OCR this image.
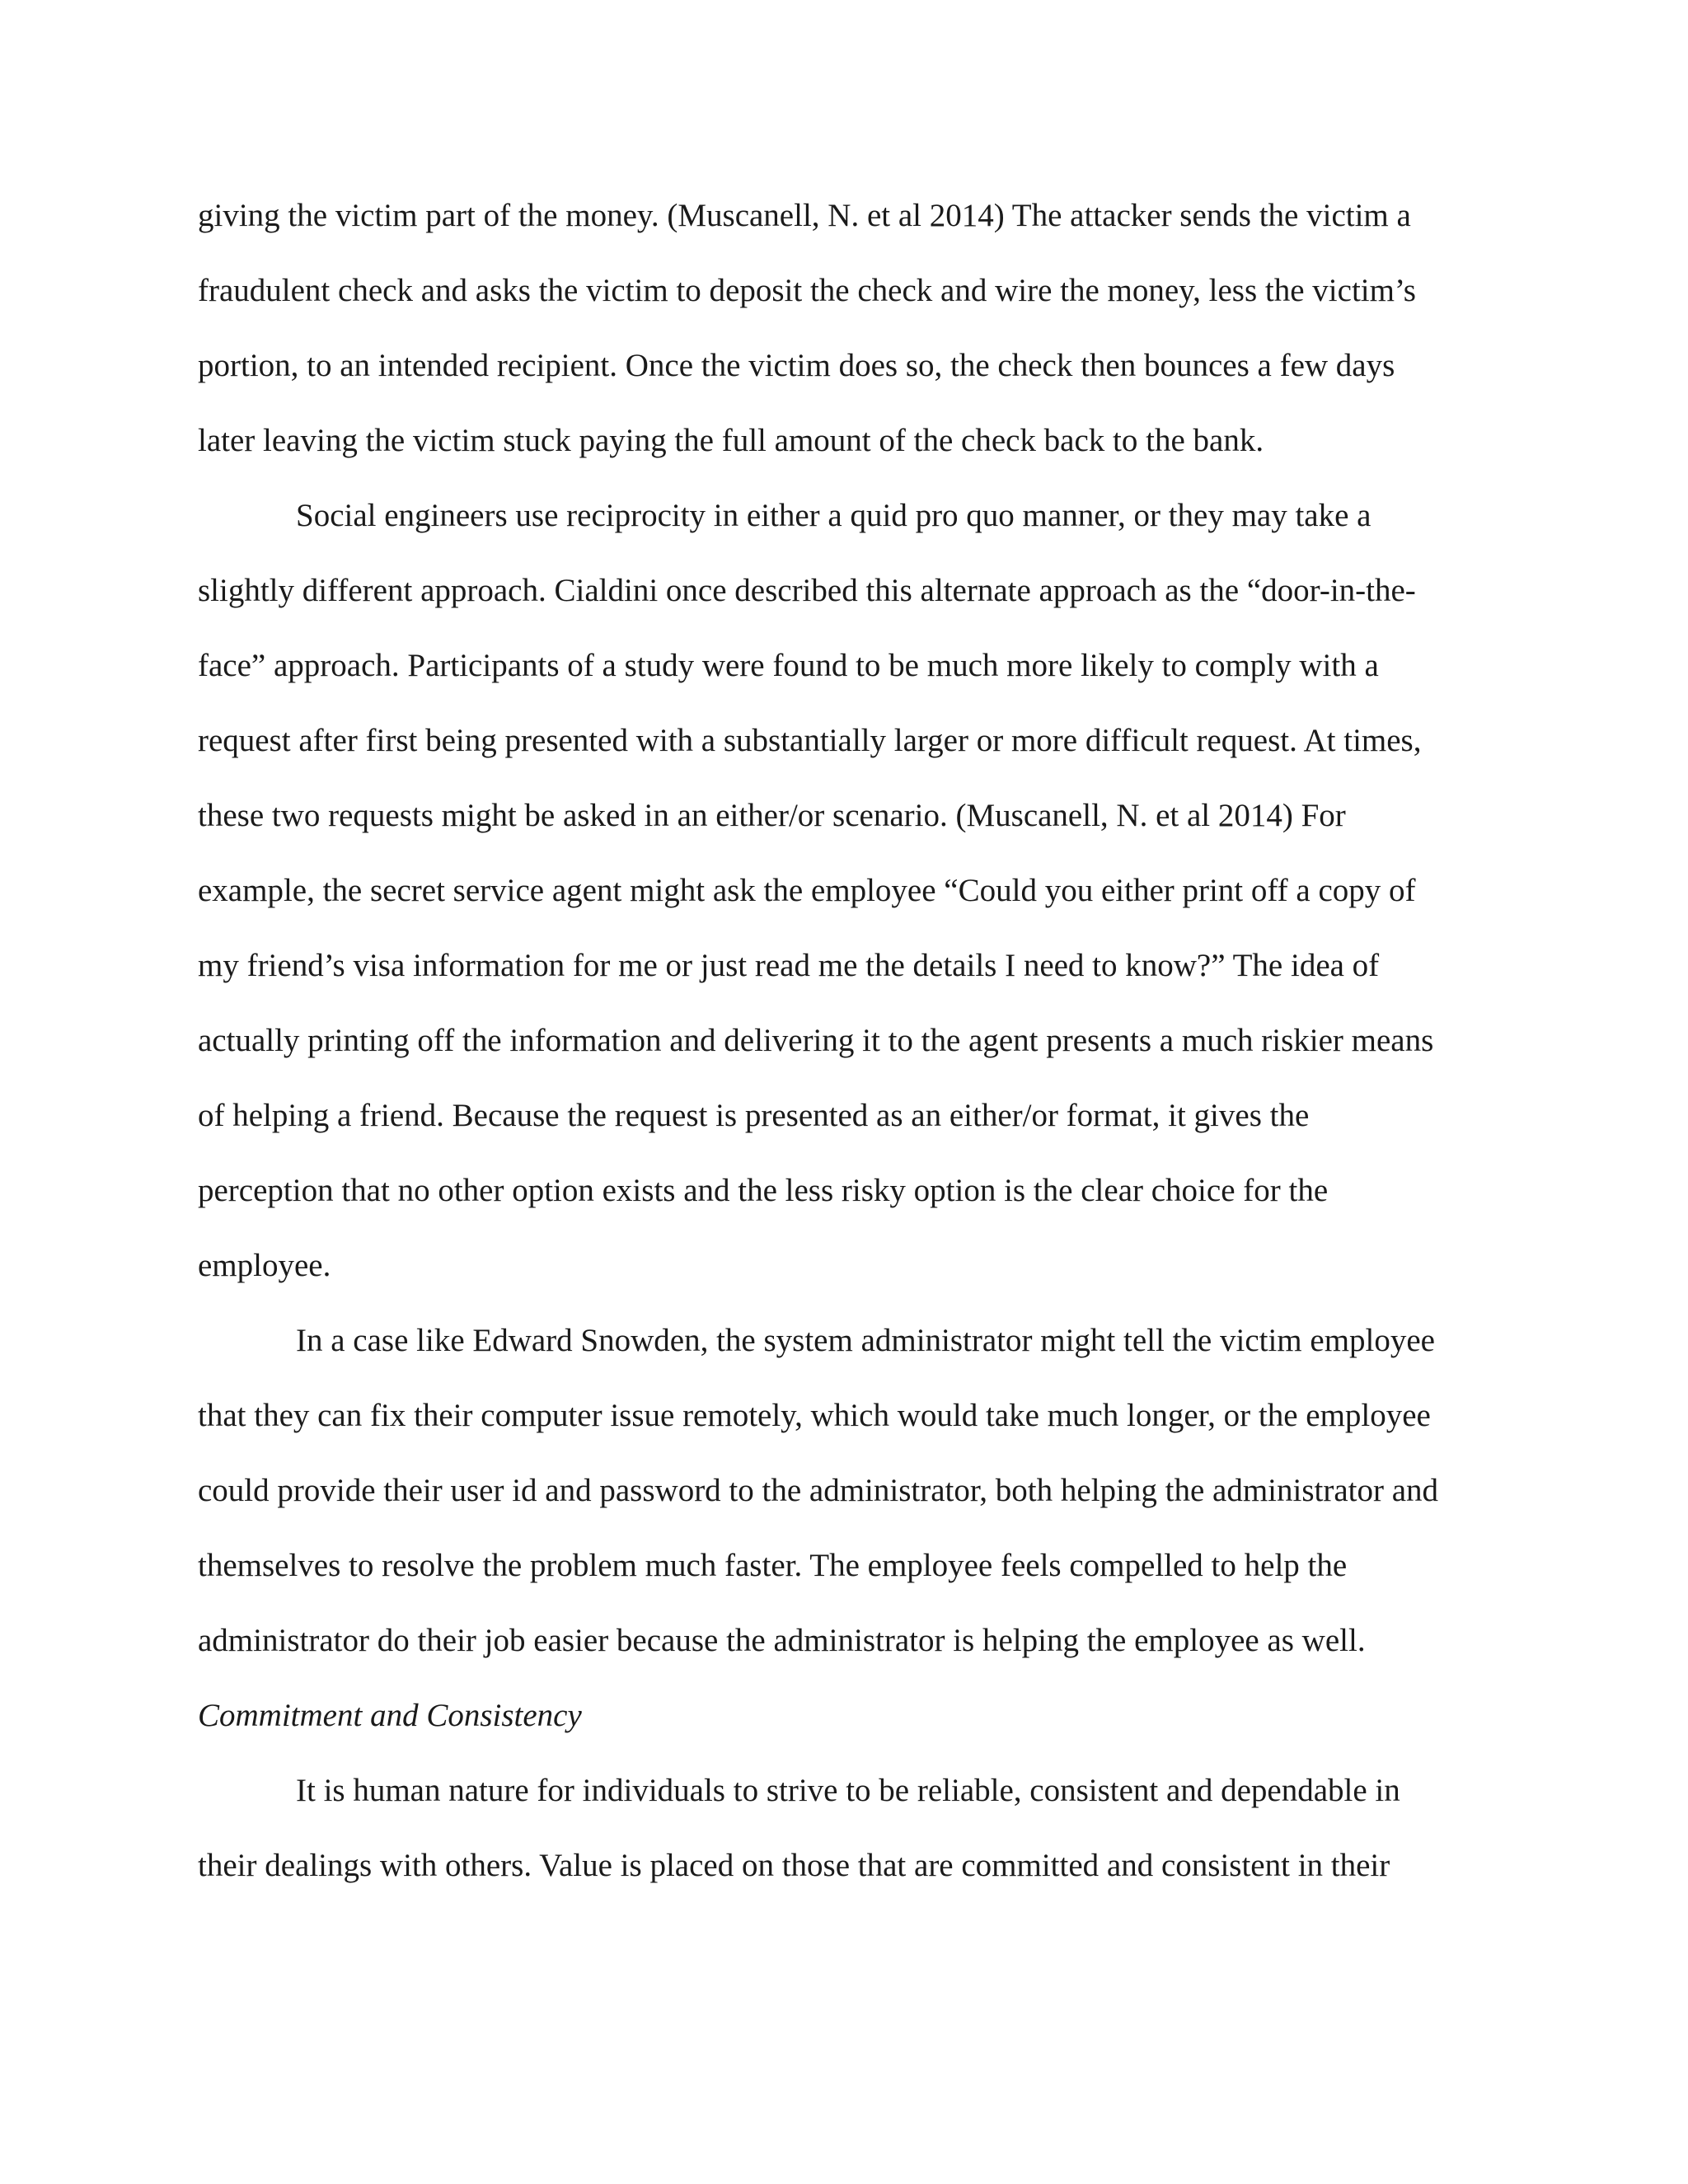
giving the victim part of the money. (Muscanell, N. et al 2014) The attacker sends the victim a

fraudulent check and asks the victim to deposit the check and wire the money, less the victim’s

portion, to an intended recipient. Once the victim does so, the check then bounces a few days

later leaving the victim stuck paying the full amount of the check back to the bank.

Social engineers use reciprocity in either a quid pro quo manner, or they may take a

slightly different approach. Cialdini once described this alternate approach as the “door-in-the-

face” approach. Participants of a study were found to be much more likely to comply with a

request after first being presented with a substantially larger or more difficult request. At times,

these two requests might be asked in an either/or scenario. (Muscanell, N. et al 2014) For

example, the secret service agent might ask the employee “Could you either print off a copy of

my friend’s visa information for me or just read me the details I need to know?” The idea of

actually printing off the information and delivering it to the agent presents a much riskier means

of helping a friend. Because the request is presented as an either/or format, it gives the

perception that no other option exists and the less risky option is the clear choice for the

employee.

In a case like Edward Snowden, the system administrator might tell the victim employee

that they can fix their computer issue remotely, which would take much longer, or the employee

could provide their user id and password to the administrator, both helping the administrator and

themselves to resolve the problem much faster. The employee feels compelled to help the

administrator do their job easier because the administrator is helping the employee as well.

Commitment and Consistency

It is human nature for individuals to strive to be reliable, consistent and dependable in

their dealings with others. Value is placed on those that are committed and consistent in their
